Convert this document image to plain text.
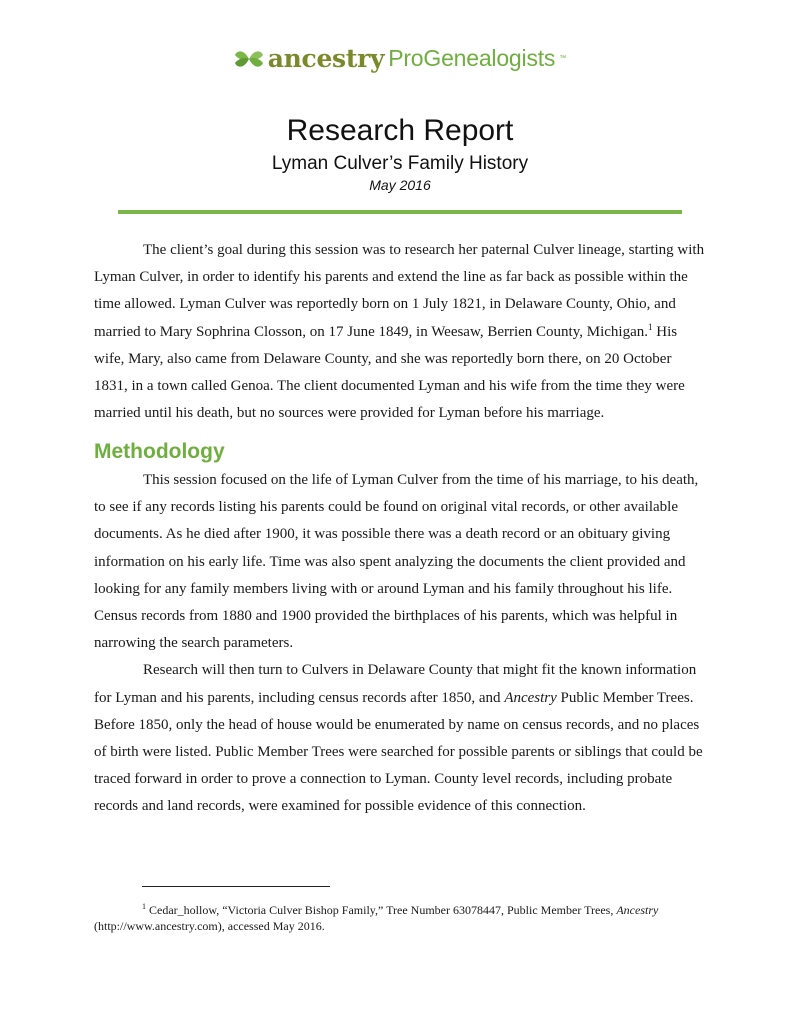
ancestry ProGenealogists ™
Research Report
Lyman Culver’s Family History
May 2016

The client’s goal during this session was to research her paternal Culver lineage, starting with Lyman Culver, in order to identify his parents and extend the line as far back as possible within the time allowed. Lyman Culver was reportedly born on 1 July 1821, in Delaware County, Ohio, and married to Mary Sophrina Closson, on 17 June 1849, in Weesaw, Berrien County, Michigan.$^1$ His wife, Mary, also came from Delaware County, and she was reportedly born there, on 20 October 1831, in a town called Genoa. The client documented Lyman and his wife from the time they were married until his death, but no sources were provided for Lyman before his marriage.

Methodology

This session focused on the life of Lyman Culver from the time of his marriage, to his death, to see if any records listing his parents could be found on original vital records, or other available documents. As he died after 1900, it was possible there was a death record or an obituary giving information on his early life. Time was also spent analyzing the documents the client provided and looking for any family members living with or around Lyman and his family throughout his life. Census records from 1880 and 1900 provided the birthplaces of his parents, which was helpful in narrowing the search parameters.

Research will then turn to Culvers in Delaware County that might fit the known information for Lyman and his parents, including census records after 1850, and Ancestry Public Member Trees. Before 1850, only the head of house would be enumerated by name on census records, and no places of birth were listed. Public Member Trees were searched for possible parents or siblings that could be traced forward in order to prove a connection to Lyman. County level records, including probate records and land records, were examined for possible evidence of this connection.

$^1$ Cedar_hollow, “Victoria Culver Bishop Family,” Tree Number 63078447, Public Member Trees, Ancestry (http://www.ancestry.com), accessed May 2016.
